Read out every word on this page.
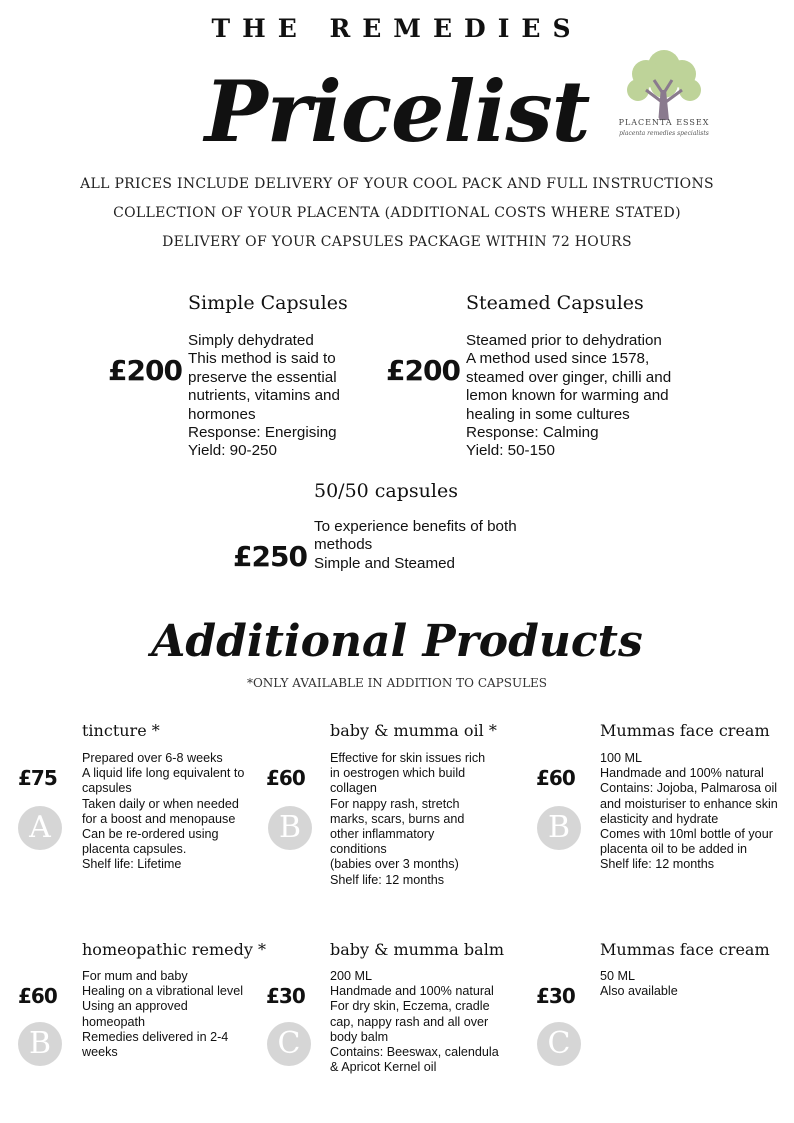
THE REMEDIES
Pricelist	PLACENTA ESSEX
placenta remedies specialists
ALL PRICES INCLUDE DELIVERY OF YOUR COOL PACK AND FULL INSTRUCTIONS
COLLECTION OF YOUR PLACENTA (ADDITIONAL COSTS WHERE STATED)
DELIVERY OF YOUR CAPSULES PACKAGE WITHIN 72 HOURS
Simple Capsules
£200
Simply dehydrated
This method is said to preserve the essential nutrients, vitamins and hormones
Response: Energising
Yield: 90-250
Steamed Capsules
£200
Steamed prior to dehydration
A method used since 1578, steamed over ginger, chilli and lemon known for warming and healing in some cultures
Response: Calming
Yield: 50-150
50/50 capsules
£250
To experience benefits of both methods
Simple and Steamed
Additional Products
*ONLY AVAILABLE IN ADDITION TO CAPSULES
tincture *
£75
A
Prepared over 6-8 weeks
A liquid life long equivalent to capsules
Taken daily or when needed for a boost and menopause
Can be re-ordered using placenta capsules.
Shelf life: Lifetime
baby & mumma oil *
£60
B
Effective for skin issues rich in oestrogen which build collagen
For nappy rash, stretch marks, scars, burns and other inflammatory conditions
(babies over 3 months)
Shelf life: 12 months
Mummas face cream
£60
B
100 ML
Handmade and 100% natural
Contains: Jojoba, Palmarosa oil and moisturiser to enhance skin elasticity and hydrate
Comes with 10ml bottle of your placenta oil to be added in
Shelf life: 12 months
homeopathic remedy *
£60
B
For mum and baby
Healing on a vibrational level
Using an approved homeopath
Remedies delivered in 2-4 weeks
baby & mumma balm
£30
C
200 ML
Handmade and 100% natural
For dry skin, Eczema, cradle cap, nappy rash and all over body balm
Contains: Beeswax, calendula & Apricot Kernel oil
Mummas face cream
£30
C
50 ML
Also available
